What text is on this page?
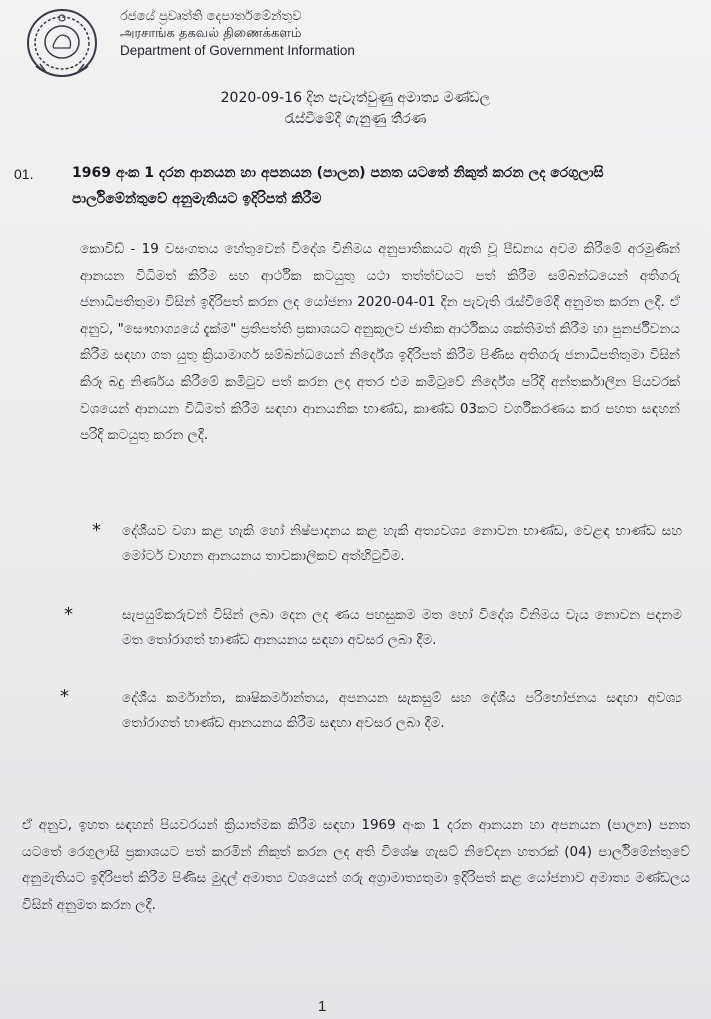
රජයේ ප්‍රවෘත්ති දෙපාර්තමේන්තුව
அரசாங்க தகவல் திணைக்களம்
Department of Government Information
2020-09-16 දින පැවැත්වුණු අමාත්‍ය මණ්ඩල
රැස්වීමේදී ගැනුණු තීරණ
01.	1969 අංක 1 දරන ආනයන හා අපනයන (පාලන) පනත යටතේ නිකුත් කරන ලද රෙගුලාසි පාර්ලිමේන්තුවේ අනුමැතියට ඉදිරිපත් කිරීම
කොවිඩ් - 19 වසංගතය හේතුවෙන් විදේශ විනිමය අනුපාතිකයට ඇති වූ පීඩනය අවම කිරීමේ අරමුණින් ආනයන විධිමත් කිරීම සහ ආර්ථික කටයුතු යථා තත්ත්වයට පත් කිරීම සම්බන්ධයෙන් අතිගරු ජනාධිපතිතුමා විසින් ඉදිරිපත් කරන ලද යෝජනා 2020-04-01 දින පැවැති රැස්වීමේදී අනුමත කරන ලදී. ඒ අනුව, "සෞභාග්‍යයේ දැක්ම" ප්‍රතිපත්ති ප්‍රකාශයට අනුකූලව ජාතික ආර්ථිකය ශක්තිමත් කිරීම හා පුනර්ජීවනය කිරීම සඳහා ගත යුතු ක්‍රියාමාර්ග සම්බන්ධයෙන් නිර්දේශ ඉදිරිපත් කිරීම පිණිස අතිගරු ජනාධිපතිතුමා විසින් කිරූ බදු නිර්ණය කිරීමේ කමිටුව පත් කරන ලද අතර එම කමිටුවේ නිර්දේශ පරිදි අන්තර්කාලීන පියවරක් වශයෙන් ආනයන විධිමත් කිරීම සඳහා ආනයනික භාණ්ඩ, කාණ්ඩ 03කට වර්ගීකරණය කර පහත සඳහන් පරිදි කටයුතු කරන ලදී.
* දේශීයව වගා කළ හැකි හෝ නිෂ්පාදනය කළ හැකි අත්‍යවශ්‍ය නොවන භාණ්ඩ, වෙළඳ භාණ්ඩ සහ මෝටර් වාහන ආනයනය තාවකාලිකව අත්හිටුවීම.
*	සැපයුම්කරුවන් විසින් ලබා දෙන ලද ණය පහසුකම මත හෝ විදේශ විනිමය වැය නොවන පදනම මත තෝරාගත් භාණ්ඩ ආනයනය සඳහා අවසර ලබා දීම.
*	දේශීය කර්මාන්ත, කෘෂිකර්මාන්තය, අපනයන සැකසුම් සහ දේශීය පරිභෝජනය සඳහා අවශ්‍ය තෝරාගත් භාණ්ඩ ආනයනය කිරීම සඳහා අවසර ලබා දීම.
ඒ අනුව, ඉහත සඳහන් පියවරයන් ක්‍රියාත්මක කිරීම සඳහා 1969 අංක 1 දරන ආනයන හා අපනයන (පාලන) පනත යටතේ රෙගුලාසි ප්‍රකාශයට පත් කරමින් නිකුත් කරන ලද අති විශේෂ ගැසට් නිවේදන හතරක් (04) පාර්ලිමේන්තුවේ අනුමැතියට ඉදිරිපත් කිරීම පිණිස මුදල් අමාත්‍ය වශයෙන් ගරු අග්‍රාමාත්‍යතුමා ඉදිරිපත් කළ යෝජනාව අමාත්‍ය මණ්ඩලය විසින් අනුමත කරන ලදී.
1
